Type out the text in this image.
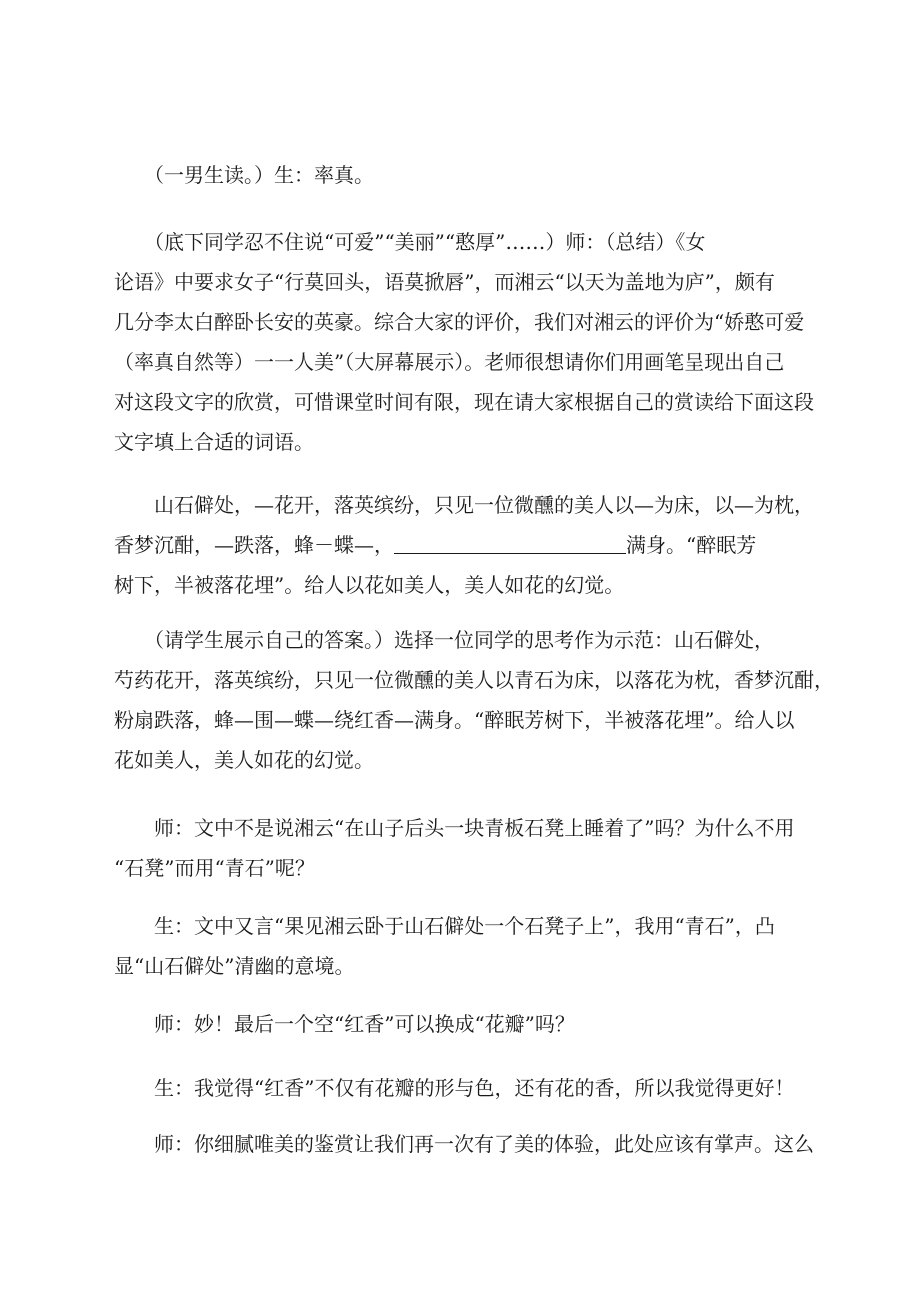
　　（一男生读。）生：率真。

　　（底下同学忍不住说“可爱”“美丽”“憨厚”……）师：（总结）《女
论语》中要求女子“行莫回头，语莫掀唇”，而湘云“以天为盖地为庐”，颇有
几分李太白醉卧长安的英豪。综合大家的评价，我们对湘云的评价为“娇憨可爱
（率真自然等）一一人美”（大屏幕展示）。老师很想请你们用画笔呈现出自己
对这段文字的欣赏，可惜课堂时间有限，现在请大家根据自己的赏读给下面这段
文字填上合适的词语。

　　山石僻处，—花开，落英缤纷，只见一位微醺的美人以—为床，以—为枕，
香梦沉酣，—跌落，蜂－蝶—，	满身。“醉眠芳
树下，半被落花埋”。给人以花如美人，美人如花的幻觉。

　　（请学生展示自己的答案。）选择一位同学的思考作为示范：山石僻处，
芍药花开，落英缤纷，只见一位微醺的美人以青石为床，以落花为枕，香梦沉酣，
粉扇跌落，蜂—围—蝶—绕红香—满身。“醉眠芳树下，半被落花埋”。给人以
花如美人，美人如花的幻觉。

　　师：文中不是说湘云“在山子后头一块青板石凳上睡着了”吗？为什么不用
“石凳”而用“青石”呢？

　　生：文中又言“果见湘云卧于山石僻处一个石凳子上”，我用“青石”，凸
显“山石僻处”清幽的意境。

　　师：妙！最后一个空“红香”可以换成“花瓣”吗？

　　生：我觉得“红香”不仅有花瓣的形与色，还有花的香，所以我觉得更好！

　　师：你细腻唯美的鉴赏让我们再一次有了美的体验，此处应该有掌声。这么
